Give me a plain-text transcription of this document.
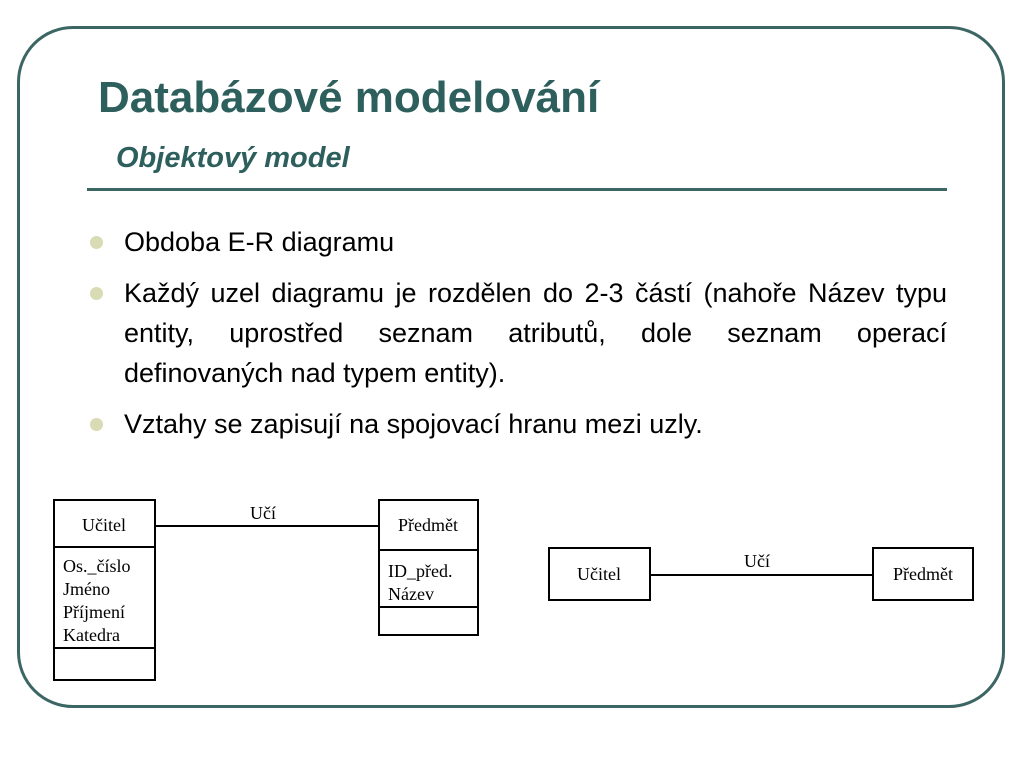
Databázové modelování
Objektový model
Obdoba E-R diagramu
Každý uzel diagramu je rozdělen do 2-3 částí (nahoře Název typu entity, uprostřed seznam atributů, dole seznam operací definovaných nad typem entity).
Vztahy se zapisují na spojovací hranu mezi uzly.
Učitel
Os._číslo
Jméno
Příjmení
Katedra
Učí
Předmět
ID_před.
Název
Učitel
Učí
Předmět
